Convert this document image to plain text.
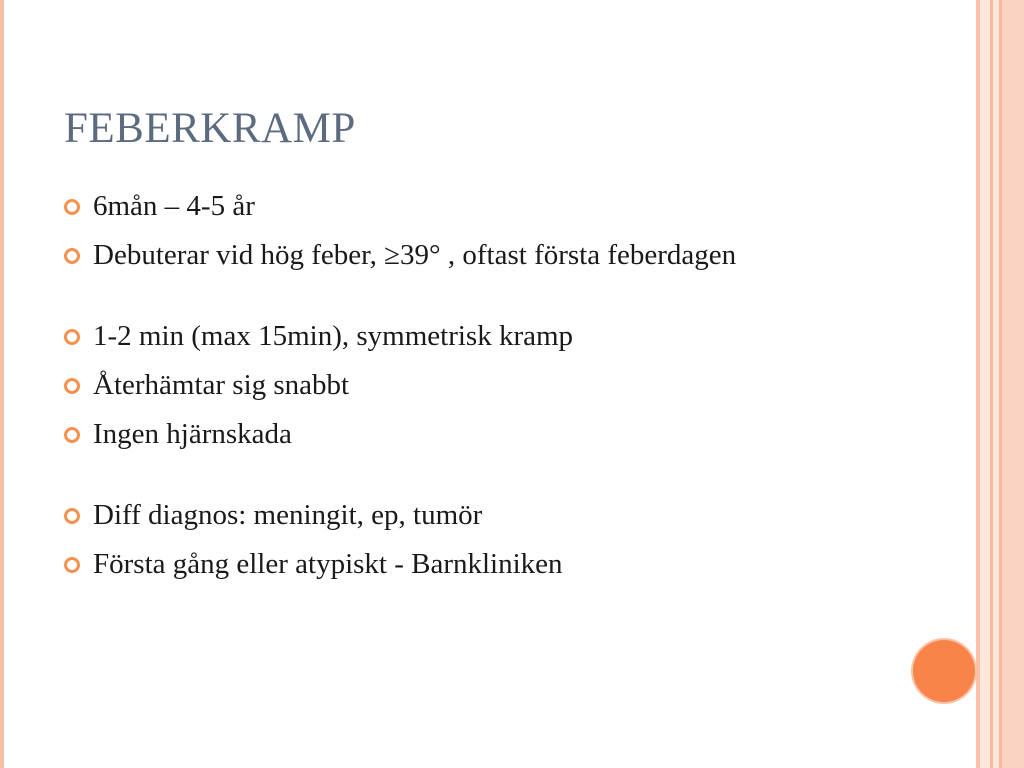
FEBERKRAMP
6mån – 4-5 år
Debuterar vid hög feber, ≥39° , oftast första feberdagen
1-2 min (max 15min), symmetrisk kramp
Återhämtar sig snabbt
Ingen hjärnskada
Diff diagnos: meningit, ep, tumör
Första gång eller atypiskt - Barnkliniken
